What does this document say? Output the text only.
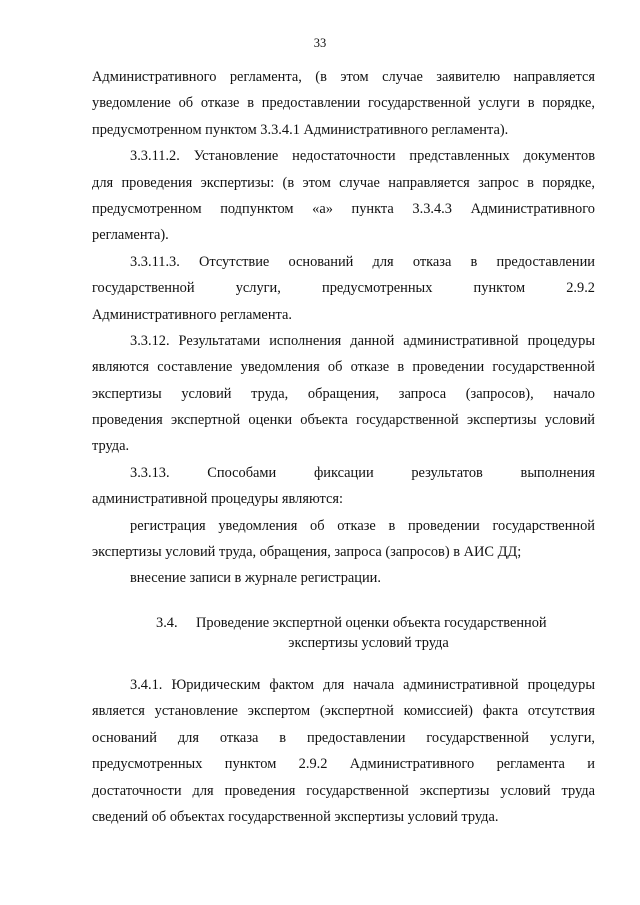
33
Административного регламента, (в этом случае заявителю направляется
уведомление об отказе в предоставлении государственной услуги в порядке,
предусмотренном пунктом 3.3.4.1 Административного регламента).
3.3.11.2. Установление недостаточности представленных документов
для проведения экспертизы: (в этом случае направляется запрос в порядке,
предусмотренном подпунктом «а» пункта 3.3.4.3 Административного
регламента).
3.3.11.3. Отсутствие оснований для отказа в предоставлении
государственной услуги, предусмотренных пунктом 2.9.2
Административного регламента.
3.3.12. Результатами исполнения данной административной процедуры
являются составление уведомления об отказе в проведении государственной
экспертизы условий труда, обращения, запроса (запросов), начало
проведения экспертной оценки объекта государственной экспертизы условий
труда.
3.3.13. Способами фиксации результатов выполнения
административной процедуры являются:
регистрация уведомления об отказе в проведении государственной
экспертизы условий труда, обращения, запроса (запросов) в АИС ДД;
внесение записи в журнале регистрации.
3.4. Проведение экспертной оценки объекта государственной
экспертизы условий труда
3.4.1. Юридическим фактом для начала административной процедуры
является установление экспертом (экспертной комиссией) факта отсутствия
оснований для отказа в предоставлении государственной услуги,
предусмотренных пунктом 2.9.2 Административного регламента и
достаточности для проведения государственной экспертизы условий труда
сведений об объектах государственной экспертизы условий труда.
